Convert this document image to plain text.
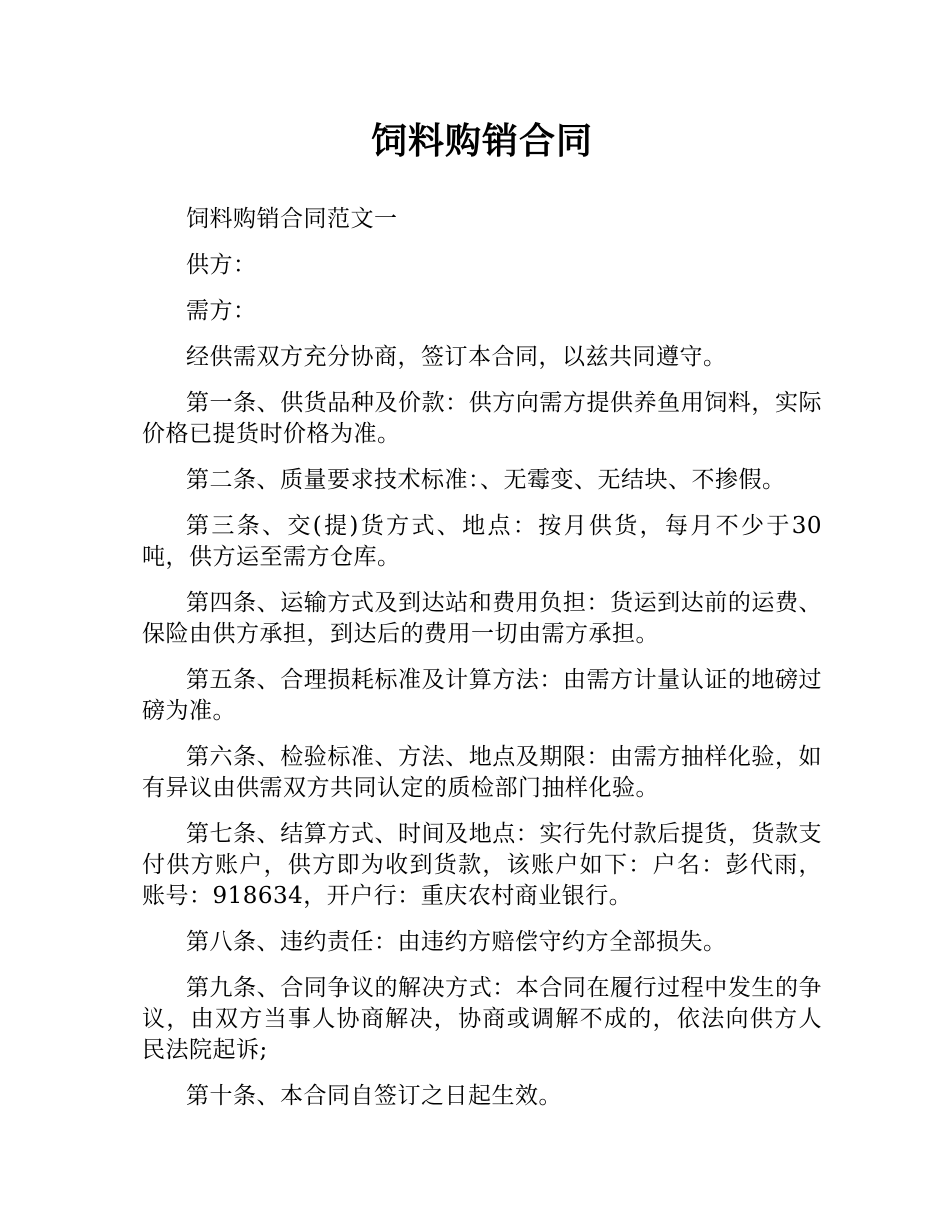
饲料购销合同

饲料购销合同范文一

供方：

需方：

经供需双方充分协商，签订本合同，以兹共同遵守。

第一条、供货品种及价款：供方向需方提供养鱼用饲料，实际价格已提货时价格为准。

第二条、质量要求技术标准：、无霉变、无结块、不掺假。

第三条、交(提)货方式、地点：按月供货，每月不少于30吨，供方运至需方仓库。

第四条、运输方式及到达站和费用负担：货运到达前的运费、保险由供方承担，到达后的费用一切由需方承担。

第五条、合理损耗标准及计算方法：由需方计量认证的地磅过磅为准。

第六条、检验标准、方法、地点及期限：由需方抽样化验，如有异议由供需双方共同认定的质检部门抽样化验。

第七条、结算方式、时间及地点：实行先付款后提货，货款支付供方账户，供方即为收到货款，该账户如下：户名：彭代雨，账号：918634，开户行：重庆农村商业银行。

第八条、违约责任：由违约方赔偿守约方全部损失。

第九条、合同争议的解决方式：本合同在履行过程中发生的争议，由双方当事人协商解决，协商或调解不成的，依法向供方人民法院起诉;

第十条、本合同自签订之日起生效。
